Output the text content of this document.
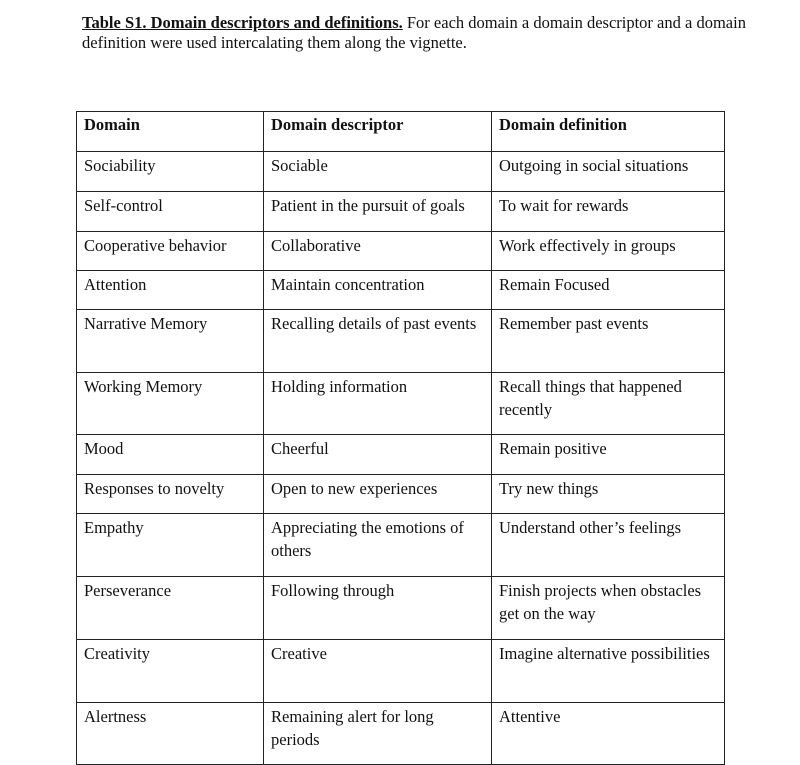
Table S1. Domain descriptors and definitions. For each domain a domain descriptor and a domain definition were used intercalating them along the vignette.
Domain	Domain descriptor	Domain definition
Sociability	Sociable	Outgoing in social situations
Self-control	Patient in the pursuit of goals	To wait for rewards
Cooperative behavior	Collaborative	Work effectively in groups
Attention	Maintain concentration	Remain Focused
Narrative Memory	Recalling details of past events	Remember past events
Working Memory	Holding information	Recall things that happened recently
Mood	Cheerful	Remain positive
Responses to novelty	Open to new experiences	Try new things
Empathy	Appreciating the emotions of others	Understand other’s feelings
Perseverance	Following through	Finish projects when obstacles get on the way
Creativity	Creative	Imagine alternative possibilities
Alertness	Remaining alert for long periods	Attentive
